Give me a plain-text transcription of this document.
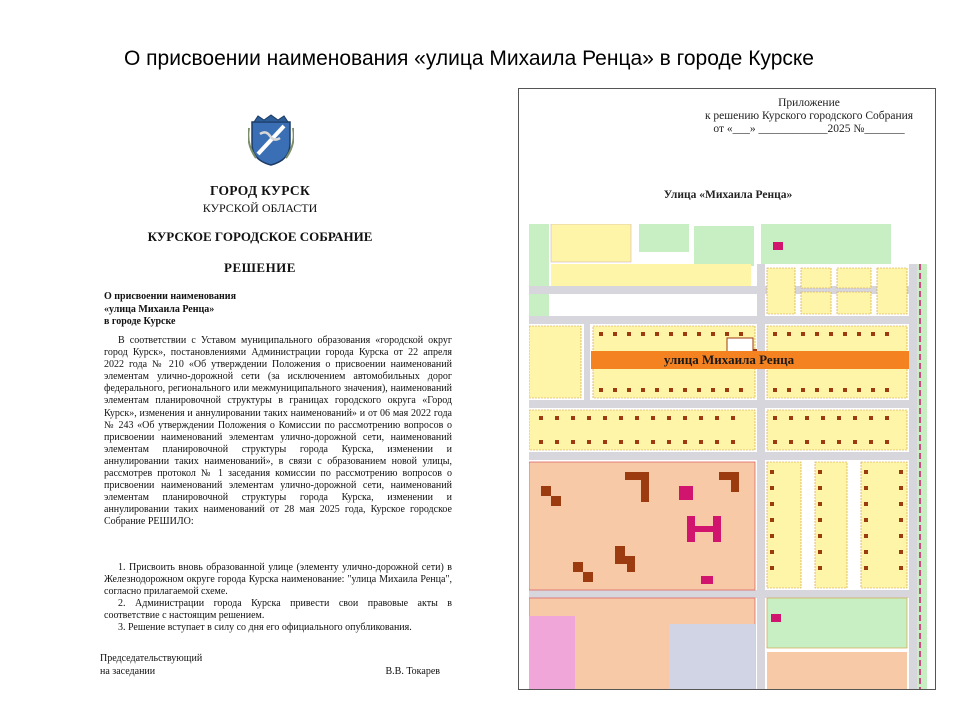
О присвоении наименования «улица Михаила Ренца» в городе Курске
ГОРОД КУРСК
КУРСКОЙ ОБЛАСТИ
КУРСКОЕ ГОРОДСКОЕ СОБРАНИЕ
РЕШЕНИЕ
О присвоении наименования
«улица Михаила Ренца»
в городе Курске

В соответствии с Уставом муниципального образования «городской округ город Курск», постановлениями Администрации города Курска от 22 апреля 2022 года № 210 «Об утверждении Положения о присвоении наименований элементам улично-дорожной сети (за исключением автомобильных дорог федерального, регионального или межмуниципального значения), наименований элементам планировочной структуры в границах городского округа «Город Курск», изменения и аннулировании таких наименований» и от 06 мая 2022 года № 243 «Об утверждении Положения о Комиссии по рассмотрению вопросов о присвоении наименований элементам улично-дорожной сети, наименований элементам планировочной структуры города Курска, изменении и аннулировании таких наименований», в связи с образованием новой улицы, рассмотрев протокол № 1 заседания комиссии по рассмотрению вопросов о присвоении наименований элементам улично-дорожной сети, наименований элементам планировочной структуры города Курска, изменении и аннулировании таких наименований от 28 мая 2025 года, Курское городское Собрание РЕШИЛО:

1. Присвоить вновь образованной улице (элементу улично-дорожной сети) в Железнодорожном округе города Курска наименование: "улица Михаила Ренца", согласно прилагаемой схеме.

2. Администрации города Курска привести свои правовые акты в соответствие с настоящим решением.

3. Решение вступает в силу со дня его официального опубликования.

Председательствующий
на заседании	В.В. Токарев
Приложение
к решению Курского городского Собрания
от «___» ____________2025 №_______
Улица «Михаила Ренца»
улица Михаила Ренца
